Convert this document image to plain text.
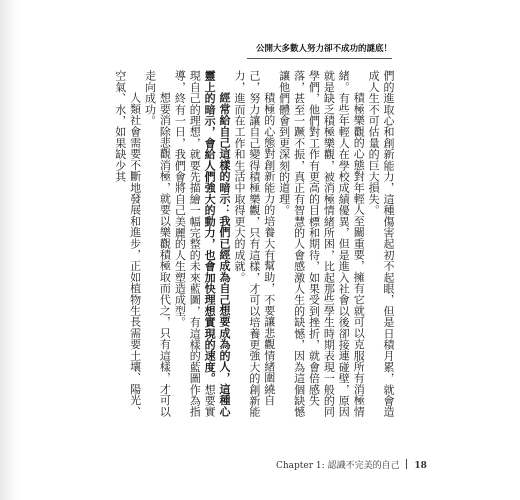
公開大多數人努力卻不成功的謎底！

們的進取心和創新能力，這種傷害起初不起眼，但是日積月累，就會造成人生不可估量的巨大損失。

積極樂觀的心態對年輕人至關重要，擁有它就可以克服所有消極情緒。有些年輕人在學校成績優異，但是進入社會以後卻接連碰壁，原因就是缺乏積極樂觀，被消極情緒所困，比起那些學生時期表現一般的同學們，他們對工作有更高的目標和期待，如果受到挫折，就會倍感失落，甚至一蹶不振，真正有智慧的人會感激人生的缺憾，因為這個缺憾讓他們體會到更深刻的道理。

積極的心態對創新能力的培養大有幫助，不要讓悲觀情緒圍繞自己，努力讓自己變得積極樂觀，只有這樣，才可以培養更強大的創新能力，進而在工作和生活中取得更大的成就。

經常給自己這樣的暗示：我們已經成為自己想要成為的人，這種心靈上的暗示，會給人們強大的動力，也會加快理想實現的速度。想要實現自己的理想，就要先描繪一幅完整的未來藍圖，有這樣的藍圖作為指導，終有一日，我們會將自己美麗的人生塑造成型。

想要消除悲觀消極，就要以樂觀積極取而代之，只有這樣，才可以走向成功。

人類社會需要不斷地發展和進步，正如植物生長需要土壤、陽光、空氣、水，如果缺少其

Chapter 1: 認識不完美的自己 18
